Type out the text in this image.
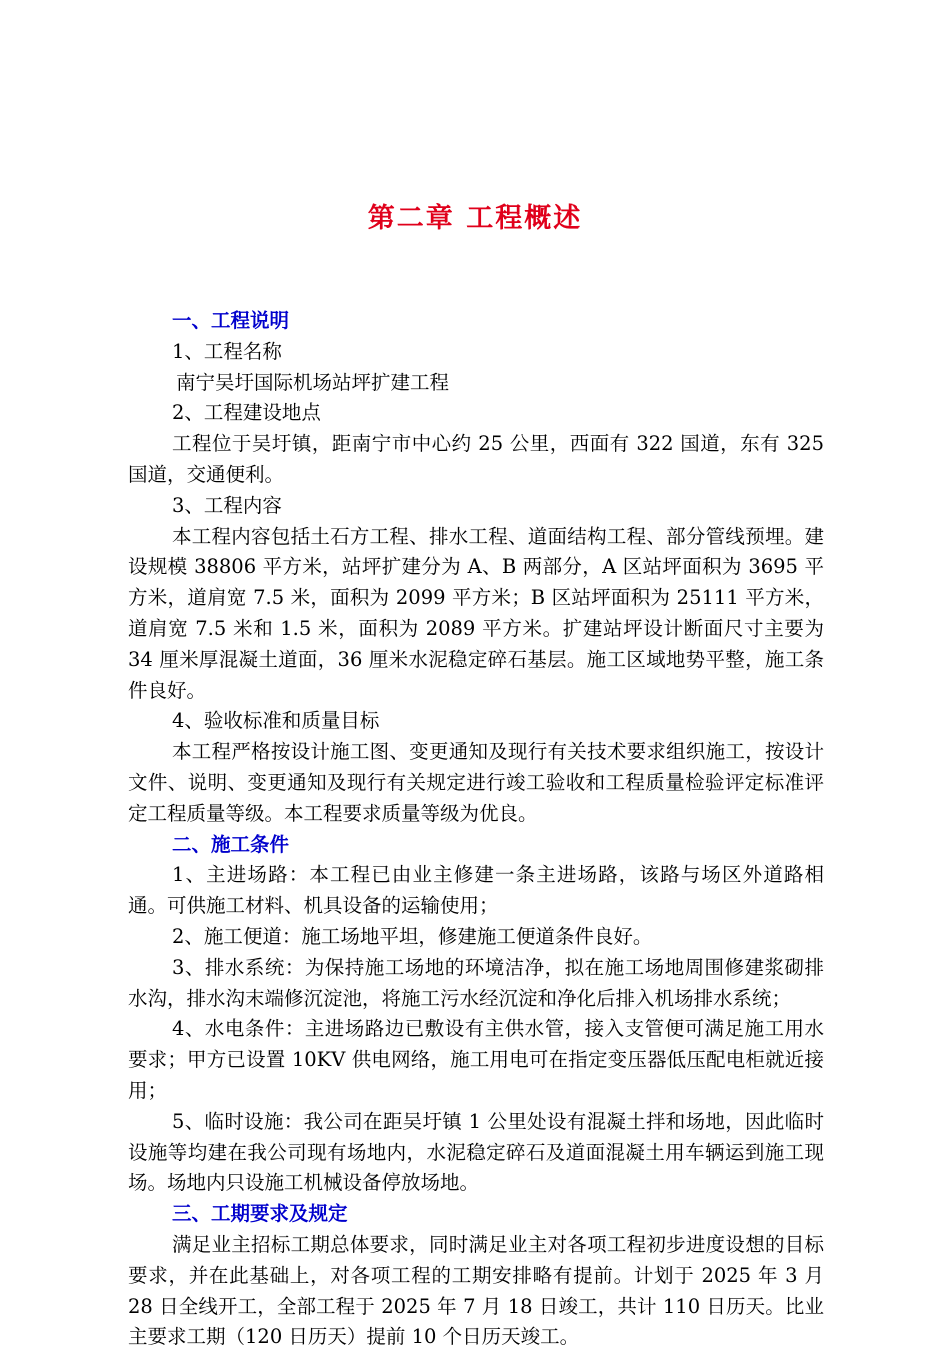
第二章 工程概述

一、工程说明

1、工程名称

南宁吴圩国际机场站坪扩建工程

2、工程建设地点

工程位于吴圩镇，距南宁市中心约 25 公里，西面有 322 国道，东有 325 国道，交通便利。

3、工程内容

本工程内容包括土石方工程、排水工程、道面结构工程、部分管线预埋。建设规模 38806 平方米，站坪扩建分为 A、B 两部分，A 区站坪面积为 3695 平方米，道肩宽 7.5 米，面积为 2099 平方米；B 区站坪面积为 25111 平方米，道肩宽 7.5 米和 1.5 米，面积为 2089 平方米。扩建站坪设计断面尺寸主要为 34 厘米厚混凝土道面，36 厘米水泥稳定碎石基层。施工区域地势平整，施工条件良好。

4、验收标准和质量目标

本工程严格按设计施工图、变更通知及现行有关技术要求组织施工，按设计文件、说明、变更通知及现行有关规定进行竣工验收和工程质量检验评定标准评定工程质量等级。本工程要求质量等级为优良。

二、施工条件

1、主进场路：本工程已由业主修建一条主进场路，该路与场区外道路相通。可供施工材料、机具设备的运输使用；

2、施工便道：施工场地平坦，修建施工便道条件良好。

3、排水系统：为保持施工场地的环境洁净，拟在施工场地周围修建浆砌排水沟，排水沟末端修沉淀池，将施工污水经沉淀和净化后排入机场排水系统；

4、水电条件：主进场路边已敷设有主供水管，接入支管便可满足施工用水要求；甲方已设置 10KV 供电网络，施工用电可在指定变压器低压配电柜就近接用；

5、临时设施：我公司在距吴圩镇 1 公里处设有混凝土拌和场地，因此临时设施等均建在我公司现有场地内，水泥稳定碎石及道面混凝土用车辆运到施工现场。场地内只设施工机械设备停放场地。

三、工期要求及规定

满足业主招标工期总体要求，同时满足业主对各项工程初步进度设想的目标要求，并在此基础上，对各项工程的工期安排略有提前。计划于 2025 年 3 月 28 日全线开工，全部工程于 2025 年 7 月 18 日竣工，共计 110 日历天。比业主要求工期（120 日历天）提前 10 个日历天竣工。
